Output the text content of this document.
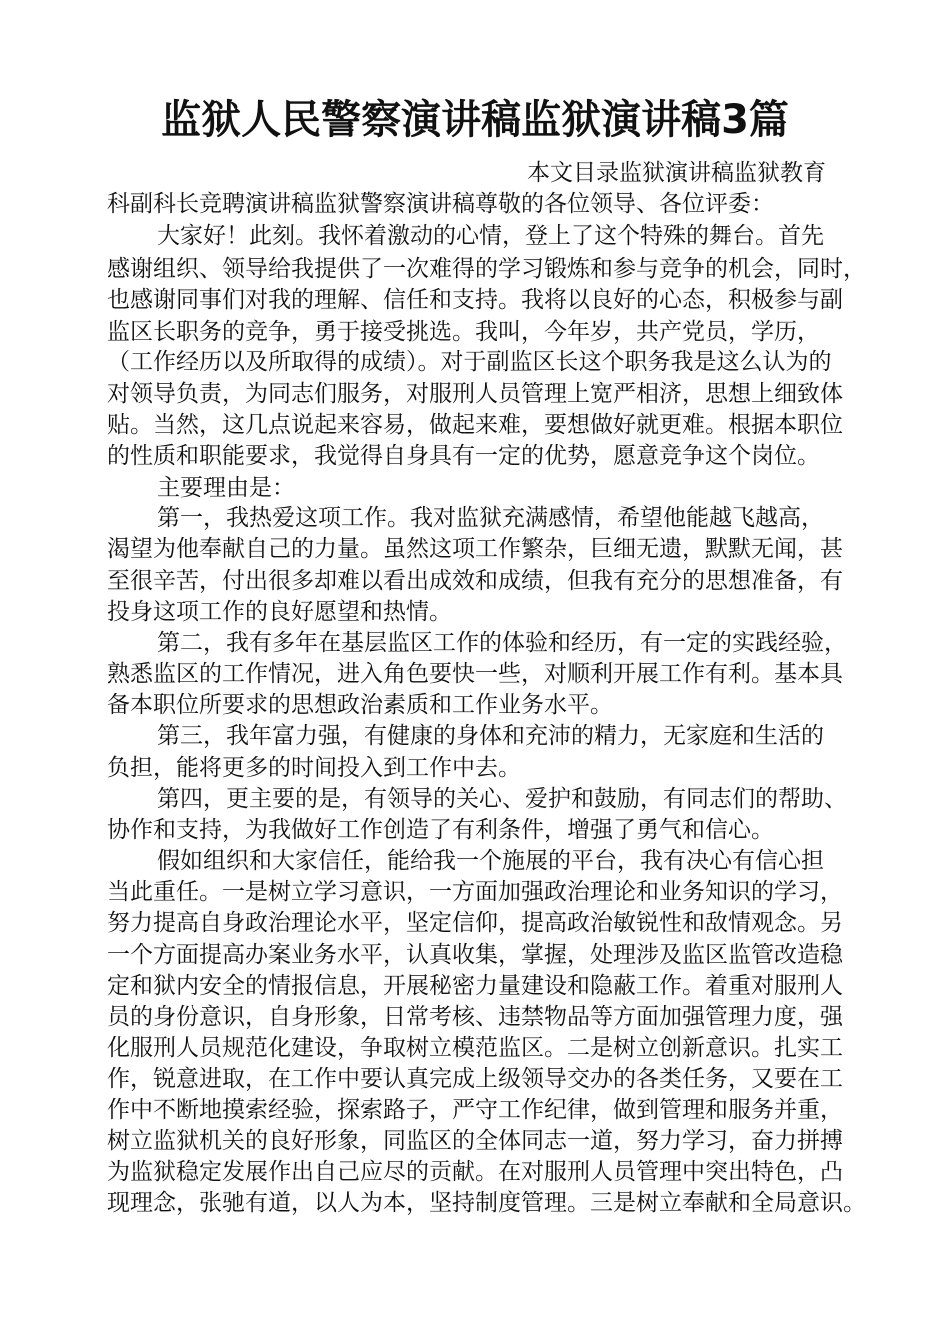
监狱人民警察演讲稿监狱演讲稿3篇

本文目录监狱演讲稿监狱教育

科副科长竞聘演讲稿监狱警察演讲稿尊敬的各位领导、各位评委：

大家好！此刻。我怀着激动的心情，登上了这个特殊的舞台。首先

感谢组织、领导给我提供了一次难得的学习锻炼和参与竞争的机会，同时，

也感谢同事们对我的理解、信任和支持。我将以良好的心态，积极参与副

监区长职务的竞争，勇于接受挑选。我叫，今年岁，共产党员，学历，

（工作经历以及所取得的成绩）。对于副监区长这个职务我是这么认为的

对领导负责，为同志们服务，对服刑人员管理上宽严相济，思想上细致体

贴。当然，这几点说起来容易，做起来难，要想做好就更难。根据本职位

的性质和职能要求，我觉得自身具有一定的优势，愿意竞争这个岗位。

主要理由是：

第一，我热爱这项工作。我对监狱充满感情，希望他能越飞越高，

渴望为他奉献自己的力量。虽然这项工作繁杂，巨细无遗，默默无闻，甚

至很辛苦，付出很多却难以看出成效和成绩，但我有充分的思想准备，有

投身这项工作的良好愿望和热情。

第二，我有多年在基层监区工作的体验和经历，有一定的实践经验，

熟悉监区的工作情况，进入角色要快一些，对顺利开展工作有利。基本具

备本职位所要求的思想政治素质和工作业务水平。

第三，我年富力强，有健康的身体和充沛的精力，无家庭和生活的

负担，能将更多的时间投入到工作中去。

第四，更主要的是，有领导的关心、爱护和鼓励，有同志们的帮助、

协作和支持，为我做好工作创造了有利条件，增强了勇气和信心。

假如组织和大家信任，能给我一个施展的平台，我有决心有信心担

当此重任。一是树立学习意识，一方面加强政治理论和业务知识的学习，

努力提高自身政治理论水平，坚定信仰，提高政治敏锐性和敌情观念。另

一个方面提高办案业务水平，认真收集，掌握，处理涉及监区监管改造稳

定和狱内安全的情报信息，开展秘密力量建设和隐蔽工作。着重对服刑人

员的身份意识，自身形象，日常考核、违禁物品等方面加强管理力度，强

化服刑人员规范化建设，争取树立模范监区。二是树立创新意识。扎实工

作，锐意进取，在工作中要认真完成上级领导交办的各类任务，又要在工

作中不断地摸索经验，探索路子，严守工作纪律，做到管理和服务并重，

树立监狱机关的良好形象，同监区的全体同志一道，努力学习，奋力拼搏

为监狱稳定发展作出自己应尽的贡献。在对服刑人员管理中突出特色，凸

现理念，张驰有道，以人为本，坚持制度管理。三是树立奉献和全局意识。
